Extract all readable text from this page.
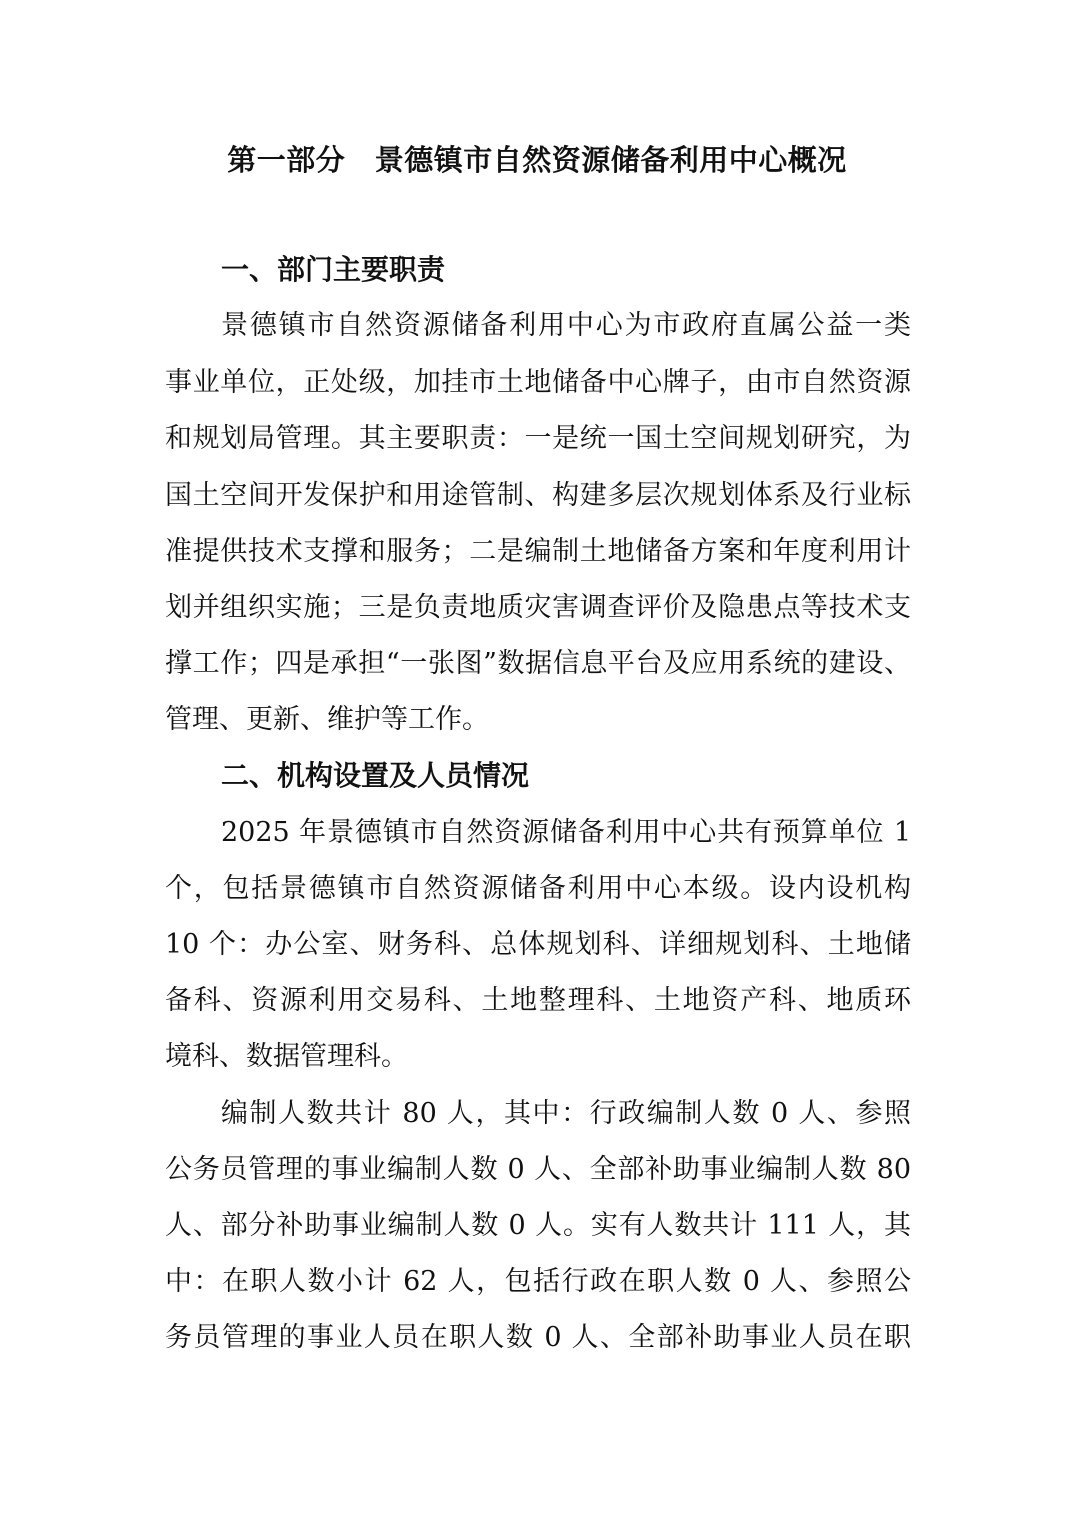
第一部分　景德镇市自然资源储备利用中心概况
一、部门主要职责
景德镇市自然资源储备利用中心为市政府直属公益一类
事业单位，正处级，加挂市土地储备中心牌子，由市自然资源
和规划局管理。其主要职责：一是统一国土空间规划研究，为
国土空间开发保护和用途管制、构建多层次规划体系及行业标
准提供技术支撑和服务；二是编制土地储备方案和年度利用计
划并组织实施；三是负责地质灾害调查评价及隐患点等技术支
撑工作；四是承担“一张图”数据信息平台及应用系统的建设、
管理、更新、维护等工作。
二、机构设置及人员情况
2025 年景德镇市自然资源储备利用中心共有预算单位 1
个，包括景德镇市自然资源储备利用中心本级。设内设机构
10 个：办公室、财务科、总体规划科、详细规划科、土地储
备科、资源利用交易科、土地整理科、土地资产科、地质环
境科、数据管理科。
编制人数共计 80 人，其中：行政编制人数 0 人、参照
公务员管理的事业编制人数 0 人、全部补助事业编制人数 80
人、部分补助事业编制人数 0 人。实有人数共计 111 人，其
中：在职人数小计 62 人，包括行政在职人数 0 人、参照公
务员管理的事业人员在职人数 0 人、全部补助事业人员在职
